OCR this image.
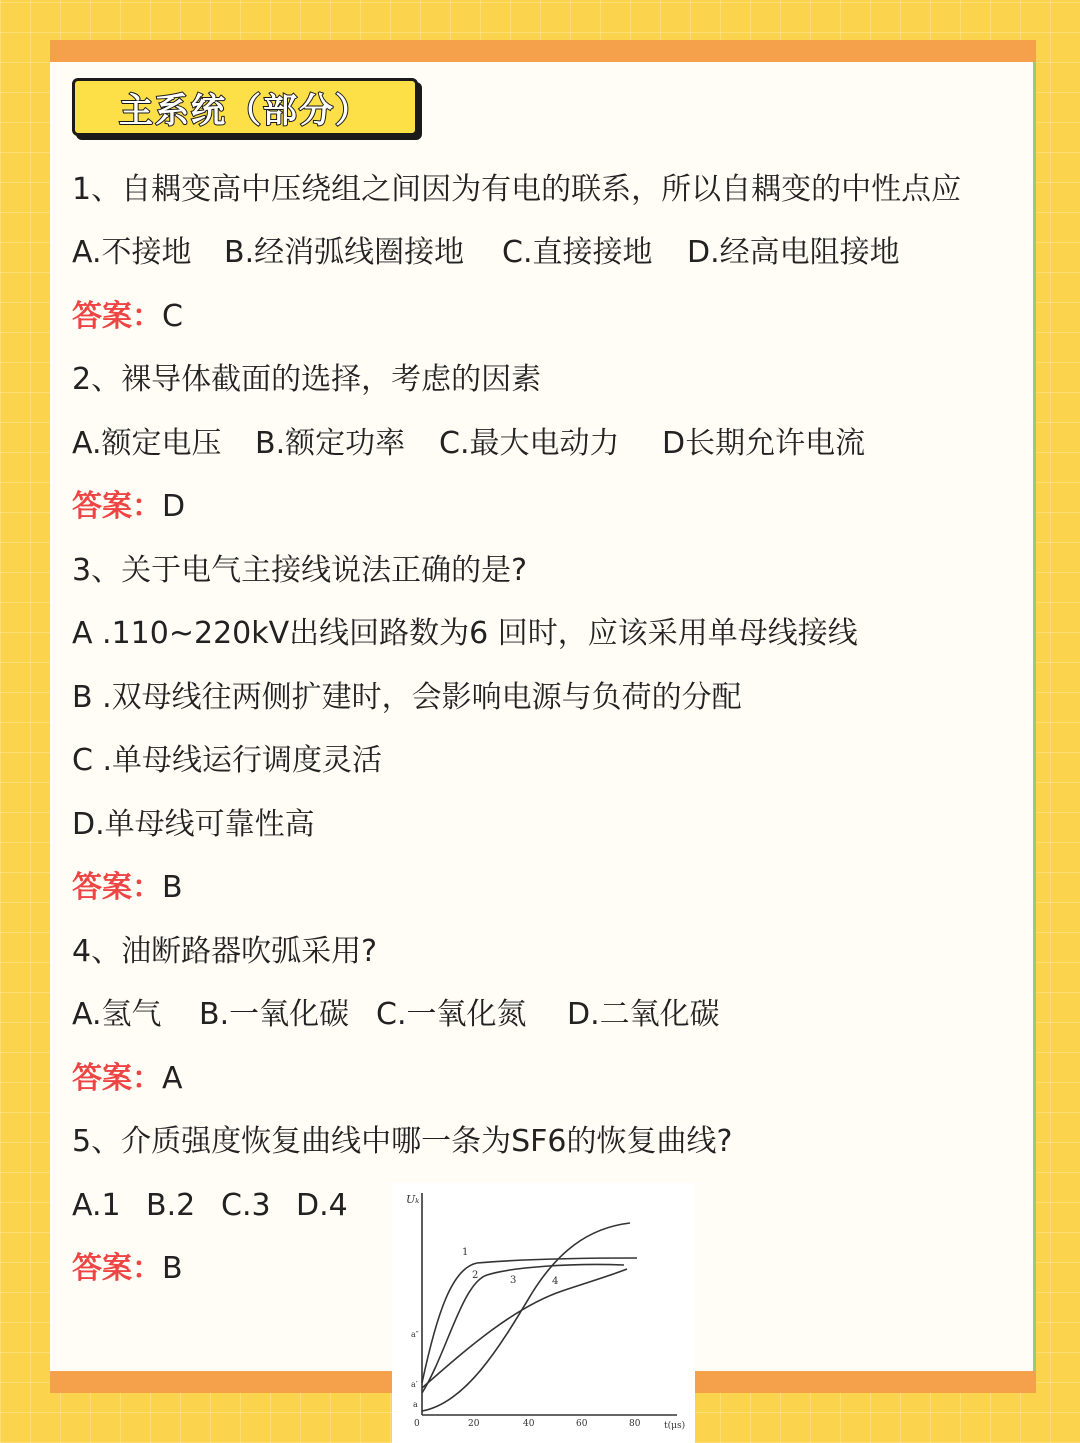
主系统（部分）
1、自耦变高中压绕组之间因为有电的联系，所以自耦变的中性点应
A.不接地 B.经消弧线圈接地 C.直接接地 D.经高电阻接地
答案：C
2、裸导体截面的选择，考虑的因素
A.额定电压 B.额定功率 C.最大电动力 D长期允许电流
答案：D
3、关于电气主接线说法正确的是?
A .110~220kV出线回路数为6 回时，应该采用单母线接线
B .双母线往两侧扩建时，会影响电源与负荷的分配
C .单母线运行调度灵活
D.单母线可靠性高
答案：B
4、油断路器吹弧采用?
A.氢气 B.一氧化碳 C.一氧化氮 D.二氧化碳
答案：A
5、介质强度恢复曲线中哪一条为SF6的恢复曲线?
A.1 B.2 C.3 D.4
答案：B
Uₖ
t(μs)
0	20	40	60	80
a″
a′
a
1
2	3	4
